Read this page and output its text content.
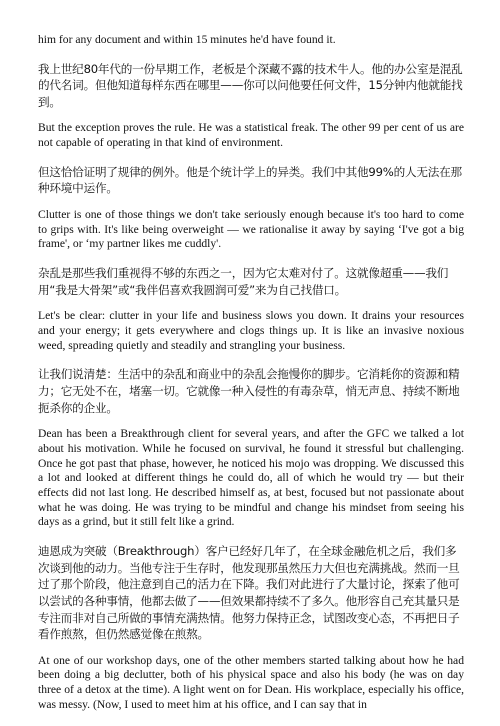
him for any document and within 15 minutes he'd have found it.

我上世纪80年代的一份早期工作，老板是个深藏不露的技术牛人。他的办公室是混乱的代名词。但他知道每样东西在哪里——你可以问他要任何文件，15分钟内他就能找到。

But the exception proves the rule. He was a statistical freak. The other 99 per cent of us are not capable of operating in that kind of environment.

但这恰恰证明了规律的例外。他是个统计学上的异类。我们中其他99%的人无法在那种环境中运作。

Clutter is one of those things we don't take seriously enough because it's too hard to come to grips with. It's like being overweight — we rationalise it away by saying ‘I've got a big frame', or ‘my partner likes me cuddly'.

杂乱是那些我们重视得不够的东西之一，因为它太难对付了。这就像超重——我们用“我是大骨架”或“我伴侣喜欢我圆润可爱”来为自己找借口。

Let's be clear: clutter in your life and business slows you down. It drains your resources and your energy; it gets everywhere and clogs things up. It is like an invasive noxious weed, spreading quietly and steadily and strangling your business.

让我们说清楚：生活中的杂乱和商业中的杂乱会拖慢你的脚步。它消耗你的资源和精力；它无处不在，堵塞一切。它就像一种入侵性的有毒杂草，悄无声息、持续不断地扼杀你的企业。

Dean has been a Breakthrough client for several years, and after the GFC we talked a lot about his motivation. While he focused on survival, he found it stressful but challenging. Once he got past that phase, however, he noticed his mojo was dropping. We discussed this a lot and looked at different things he could do, all of which he would try — but their effects did not last long. He described himself as, at best, focused but not passionate about what he was doing. He was trying to be mindful and change his mindset from seeing his days as a grind, but it still felt like a grind.

迪恩成为突破（Breakthrough）客户已经好几年了，在全球金融危机之后，我们多次谈到他的动力。当他专注于生存时，他发现那虽然压力大但也充满挑战。然而一旦过了那个阶段，他注意到自己的活力在下降。我们对此进行了大量讨论，探索了他可以尝试的各种事情，他都去做了——但效果都持续不了多久。他形容自己充其量只是专注而非对自己所做的事情充满热情。他努力保持正念，试图改变心态，不再把日子看作煎熬，但仍然感觉像在煎熬。

At one of our workshop days, one of the other members started talking about how he had been doing a big declutter, both of his physical space and also his body (he was on day three of a detox at the time). A light went on for Dean. His workplace, especially his office, was messy. (Now, I used to meet him at his office, and I can say that in
